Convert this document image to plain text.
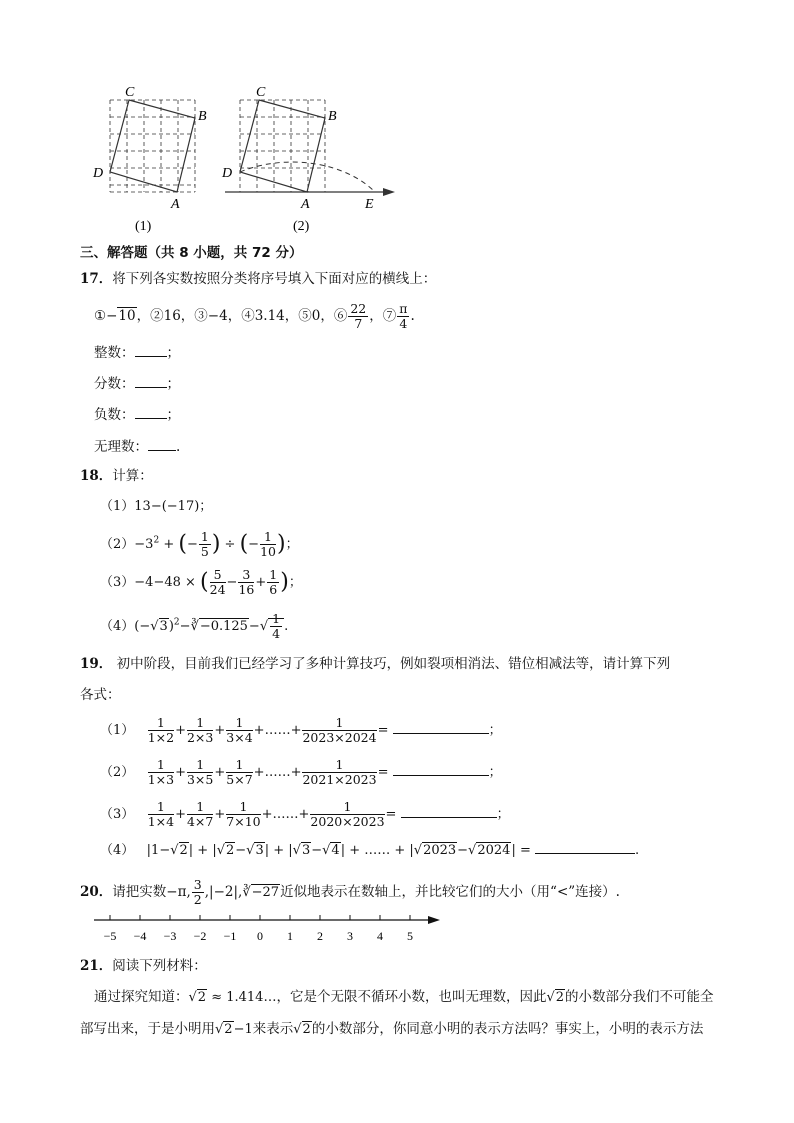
C
B
D
A
(1)
C
B
D
A	E
(2)
三、解答题（共 8 小题，共 72 分）
17．将下列各实数按照分类将序号填入下面对应的横线上：
①−10，②16，③−4，④3.14，⑤0，⑥ $\frac{22}{7}$ ，⑦ $\frac{\pi}{4}$ .
整数： ；
分数： ；
负数： ；
无理数： .
18．计算：
（1）13−(−17)；
$(2)-3^2$ + (− $\frac{1}{5}$ ) ÷ (− $\frac{1}{10}$ )；
（3）−4−48 × ( $\frac{5}{24} - \frac{3}{16} + \frac{1}{6}$ )；
$(4)(-√3)^2-∛-0.125-√ \frac{1}{4}$ .
19． 初中阶段，目前我们已经学习了多种计算技巧，例如裂项相消法、错位相减法等，请计算下列
各式：
$(1) \frac{1}{1\times 2} + \frac{1}{2\times 3} + \frac{1}{3\times 4}$ +……+ $\frac{1}{2023\times 2024}$ =	；
$(2) \frac{1}{1\times 3} + \frac{1}{3\times 5} + \frac{1}{5\times 7}$ +……+ $\frac{1}{2021\times 2023}$ =	；
$(3) \frac{1}{1\times 4} + \frac{1}{4\times 7} + \frac{1}{7\times 10}$ +……+ $\frac{1}{2020\times 2023}$ =	；
（4）   |1−√2| + |√2−√3| + |√3−√4| + …… + |√2023−√2024| =	.
20．请把实数−π, $\frac{3}{2}$ ,|−2|,∛−27近似地表示在数轴上，并比较它们的大小（用“<”连接）.
−5 −4 −3 −2 −1 0 1 2 3 4 5
21．阅读下列材料：
通过探究知道：√2 ≈ 1.414…，它是个无限不循环小数，也叫无理数，因此√2的小数部分我们不可能全
部写出来，于是小明用√2−1来表示√2的小数部分，你同意小明的表示方法吗？事实上，小明的表示方法
